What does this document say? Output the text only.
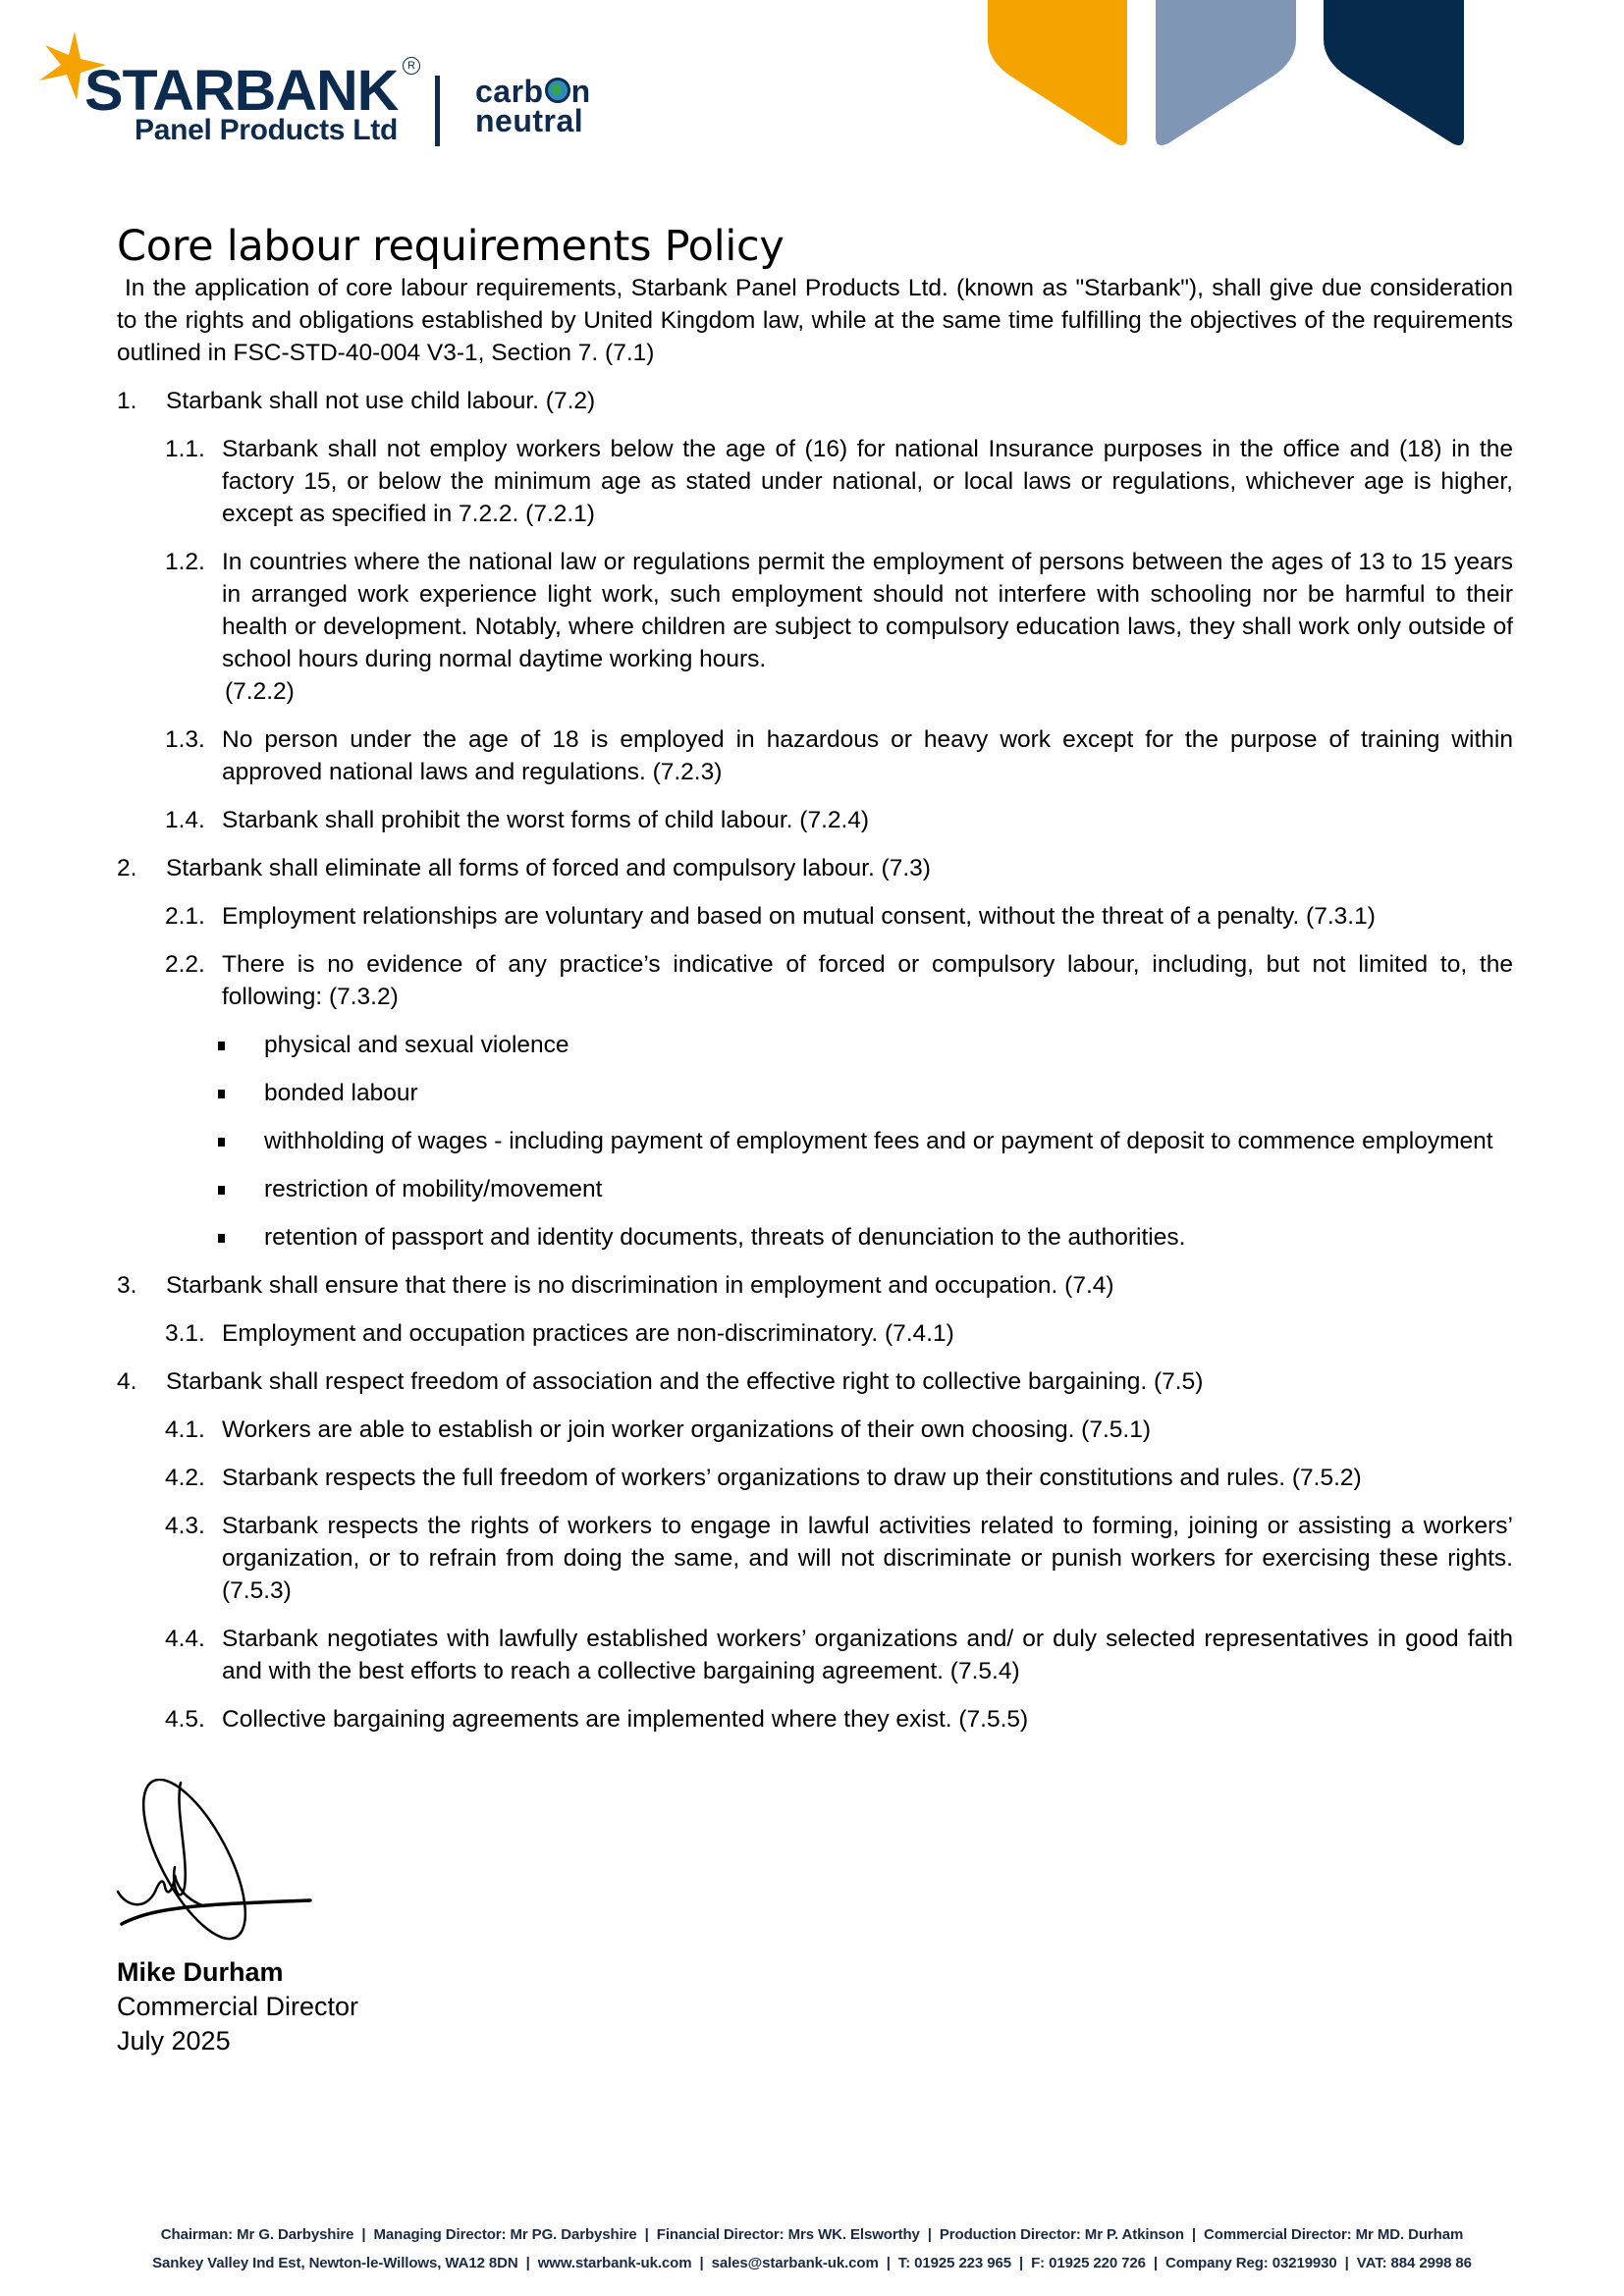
STARBANK R
Panel Products Ltd
carb n
neutral
Core labour requirements Policy

In the application of core labour requirements, Starbank Panel Products Ltd. (known as "Starbank"), shall give due consideration to the rights and obligations established by United Kingdom law, while at the same time fulfilling the objectives of the requirements outlined in FSC-STD-40-004 V3-1, Section 7. (7.1)

1. Starbank shall not use child labour. (7.2)
1.1. Starbank shall not employ workers below the age of (16) for national Insurance purposes in the office and (18) in the factory 15, or below the minimum age as stated under national, or local laws or regulations, whichever age is higher, except as specified in 7.2.2. (7.2.1)
1.2. In countries where the national law or regulations permit the employment of persons between the ages of 13 to 15 years in arranged work experience light work, such employment should not interfere with schooling nor be harmful to their health or development. Notably, where children are subject to compulsory education laws, they shall work only outside of school hours during normal daytime working hours.
(7.2.2)
1.3. No person under the age of 18 is employed in hazardous or heavy work except for the purpose of training within approved national laws and regulations. (7.2.3)
1.4. Starbank shall prohibit the worst forms of child labour. (7.2.4)
2. Starbank shall eliminate all forms of forced and compulsory labour. (7.3)
2.1. Employment relationships are voluntary and based on mutual consent, without the threat of a penalty. (7.3.1)
2.2. There is no evidence of any practice’s indicative of forced or compulsory labour, including, but not limited to, the following: (7.3.2)
physical and sexual violence
bonded labour
withholding of wages - including payment of employment fees and or payment of deposit to commence employment
restriction of mobility/movement
retention of passport and identity documents, threats of denunciation to the authorities.
3. Starbank shall ensure that there is no discrimination in employment and occupation. (7.4)
3.1. Employment and occupation practices are non-discriminatory. (7.4.1)
4. Starbank shall respect freedom of association and the effective right to collective bargaining. (7.5)
4.1. Workers are able to establish or join worker organizations of their own choosing. (7.5.1)
4.2. Starbank respects the full freedom of workers’ organizations to draw up their constitutions and rules. (7.5.2)
4.3. Starbank respects the rights of workers to engage in lawful activities related to forming, joining or assisting a workers’ organization, or to refrain from doing the same, and will not discriminate or punish workers for exercising these rights. (7.5.3)
4.4. Starbank negotiates with lawfully established workers’ organizations and/ or duly selected representatives in good faith and with the best efforts to reach a collective bargaining agreement. (7.5.4)
4.5. Collective bargaining agreements are implemented where they exist. (7.5.5)
Mike Durham
Commercial Director
July 2025
Chairman: Mr G. Darbyshire | Managing Director: Mr PG. Darbyshire | Financial Director: Mrs WK. Elsworthy | Production Director: Mr P. Atkinson | Commercial Director: Mr MD. Durham
Sankey Valley Ind Est, Newton-le-Willows, WA12 8DN | www.starbank-uk.com | sales@starbank-uk.com | T: 01925 223 965 | F: 01925 220 726 | Company Reg: 03219930 | VAT: 884 2998 86
